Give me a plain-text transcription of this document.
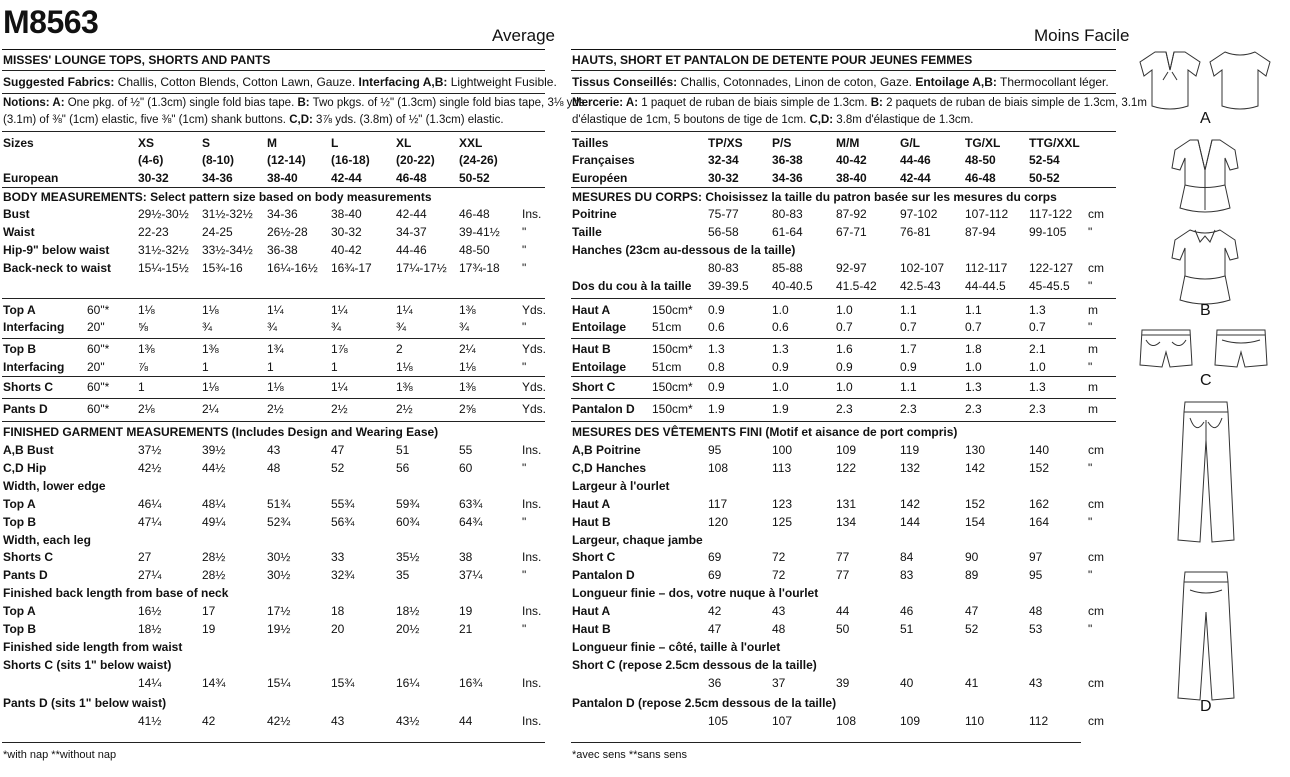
M8563	Average	Moins Facile
MISSES' LOUNGE TOPS, SHORTS AND PANTS
Suggested Fabrics: Challis, Cotton Blends, Cotton Lawn, Gauze. Interfacing A,B: Lightweight Fusible.
Notions: A: One pkg. of ½" (1.3cm) single fold bias tape. B: Two pkgs. of ½" (1.3cm) single fold bias tape, 3⅛ yds.
(3.1m) of ⅜" (1cm) elastic, five ⅜" (1cm) shank buttons. C,D: 3⅞ yds. (3.8m) of ½" (1.3cm) elastic.
Sizes	XS	S	M	L	XL	XXL
(4-6)	(8-10)	(12-14) (16-18) (20-22) (24-26)
European	30-32	34-36	38-40	42-44	46-48	50-52
BODY MEASUREMENTS: Select pattern size based on body measurements
Bust	29½-30½ 31½-32½ 34-36	38-40	42-44	46-48	Ins.
Waist	22-23	24-25	26½-28 30-32	34-37	39-41½ "
Hip-9" below waist 31½-32½ 33½-34½ 36-38	40-42	44-46	48-50	"
Back-neck to waist 15¼-15½ 15¾-16 16¼-16½ 16¾-17 17¼-17½ 17¾-18 "
Top A	60"* 1⅛	1⅛	1¼	1¼	1¼	1⅜	Yds.
Interfacing 20"	⅝	¾	¾	¾	¾	¾	"
Top B	60"* 1⅜	1⅜	1¾	1⅞	2	2¼	Yds.
Interfacing 20"	⅞	1	1	1	1⅛	1⅛	"
Shorts C	60"* 1	1⅛	1⅛	1¼	1⅜	1⅜	Yds.
Pants D	60"* 2⅛	2¼	2½	2½	2½	2⅝	Yds.
FINISHED GARMENT MEASUREMENTS (Includes Design and Wearing Ease)
A,B Bust	37½	39½	43	47	51	55	Ins.
C,D Hip	42½	44½	48	52	56	60	"
Width, lower edge
Top A	46¼	48¼	51¾	55¾	59¾	63¾	Ins.
Top B	47¼	49¼	52¾	56¾	60¾	64¾	"
Width, each leg
Shorts C	27	28½	30½	33	35½	38	Ins.
Pants D	27¼	28½	30½	32¾	35	37¼	"
Finished back length from base of neck
Top A	16½	17	17½	18	18½	19	Ins.
Top B	18½	19	19½	20	20½	21	"
Finished side length from waist
Shorts C (sits 1" below waist)
14¼	14¾	15¼	15¾	16¼	16¾	Ins.
Pants D (sits 1" below waist)
41½	42	42½	43	43½	44	Ins.
*with nap **without nap
HAUTS, SHORT ET PANTALON DE DETENTE POUR JEUNES FEMMES
Tissus Conseillés: Challis, Cotonnades, Linon de coton, Gaze. Entoilage A,B: Thermocollant léger.
Mercerie: A: 1 paquet de ruban de biais simple de 1.3cm. B: 2 paquets de ruban de biais simple de 1.3cm, 3.1m
d'élastique de 1cm, 5 boutons de tige de 1cm. C,D: 3.8m d'élastique de 1.3cm.
Tailles	TP/XS P/S	M/M	G/L	TG/XL TTG/XXL
Françaises	32-34	36-38	40-42	44-46	48-50	52-54
Européen	30-32	34-36	38-40	42-44	46-48	50-52
MESURES DU CORPS: Choisissez la taille du patron basée sur les mesures du corps
Poitrine	75-77	80-83	87-92	97-102 107-112 117-122 cm
Taille	56-58	61-64	67-71	76-81	87-94	99-105 "
Hanches (23cm au-dessous de la taille)
80-83	85-88	92-97	102-107 112-117 122-127 cm
Dos du cou à la taille 39-39.5 40-40.5 41.5-42 42.5-43 44-44.5 45-45.5 "
Haut A	150cm* 0.9	1.0	1.0	1.1	1.1	1.3	m
Entoilage 51cm 0.6	0.6	0.7	0.7	0.7	0.7	"
Haut B	150cm* 1.3	1.3	1.6	1.7	1.8	2.1	m
Entoilage 51cm 0.8	0.9	0.9	0.9	1.0	1.0	"
Short C	150cm* 0.9	1.0	1.0	1.1	1.3	1.3	m
Pantalon D 150cm* 1.9	1.9	2.3	2.3	2.3	2.3	m
MESURES DES VÊTEMENTS FINI (Motif et aisance de port compris)
A,B Poitrine	95	100	109	119	130	140	cm
C,D Hanches	108	113	122	132	142	152	"
Largeur à l'ourlet
Haut A	117	123	131	142	152	162	cm
Haut B	120	125	134	144	154	164	"
Largeur, chaque jambe
Short C	69	72	77	84	90	97	cm
Pantalon D	69	72	77	83	89	95	"
Longueur finie – dos, votre nuque à l'ourlet
Haut A	42	43	44	46	47	48	cm
Haut B	47	48	50	51	52	53	"
Longueur finie – côté, taille à l'ourlet
Short C (repose 2.5cm dessous de la taille)
36	37	39	40	41	43	cm
Pantalon D (repose 2.5cm dessous de la taille)
105	107	108	109	110	112	cm
*avec sens **sans sens
A
B
C
D
